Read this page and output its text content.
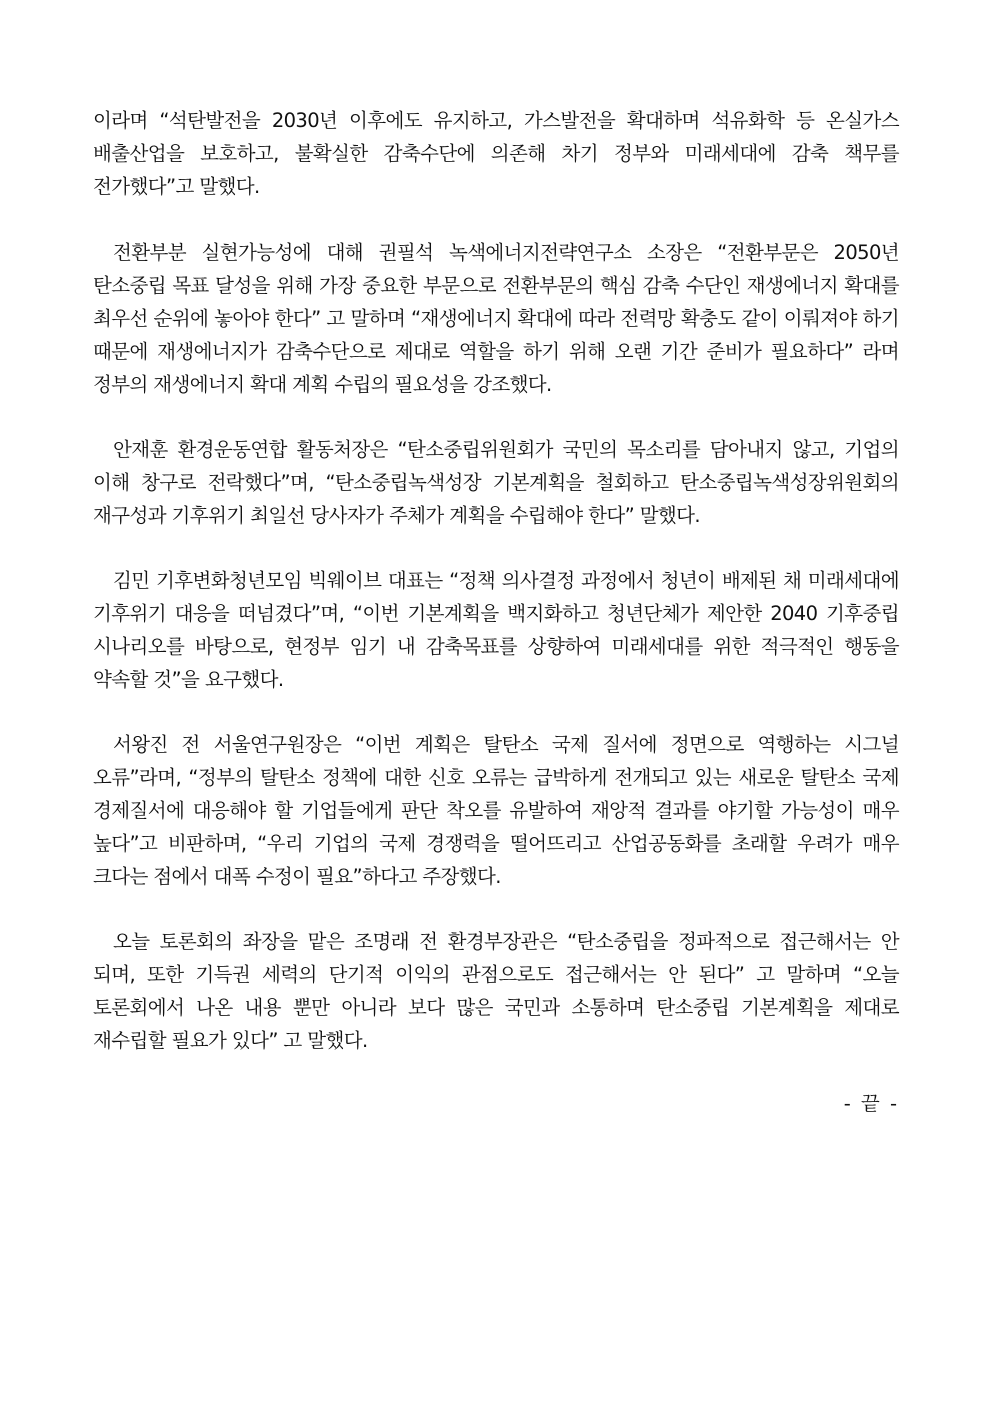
이라며 “석탄발전을 2030년 이후에도 유지하고, 가스발전을 확대하며 석유화학 등 온실가스 배출산업을 보호하고, 불확실한 감축수단에 의존해 차기 정부와 미래세대에 감축 책무를 전가했다”고 말했다.

전환부분 실현가능성에 대해 권필석 녹색에너지전략연구소 소장은 “전환부문은 2050년 탄소중립 목표 달성을 위해 가장 중요한 부문으로 전환부문의 핵심 감축 수단인 재생에너지 확대를 최우선 순위에 놓아야 한다” 고 말하며 “재생에너지 확대에 따라 전력망 확충도 같이 이뤄져야 하기 때문에 재생에너지가 감축수단으로 제대로 역할을 하기 위해 오랜 기간 준비가 필요하다” 라며 정부의 재생에너지 확대 계획 수립의 필요성을 강조했다.

안재훈 환경운동연합 활동처장은 “탄소중립위원회가 국민의 목소리를 담아내지 않고, 기업의 이해 창구로 전락했다”며, “탄소중립녹색성장 기본계획을 철회하고 탄소중립녹색성장위원회의 재구성과 기후위기 최일선 당사자가 주체가 계획을 수립해야 한다” 말했다.

김민 기후변화청년모임 빅웨이브 대표는 “정책 의사결정 과정에서 청년이 배제된 채 미래세대에 기후위기 대응을 떠넘겼다”며, “이번 기본계획을 백지화하고 청년단체가 제안한 2040 기후중립 시나리오를 바탕으로, 현정부 임기 내 감축목표를 상향하여 미래세대를 위한 적극적인 행동을 약속할 것”을 요구했다.

서왕진 전 서울연구원장은 “이번 계획은 탈탄소 국제 질서에 정면으로 역행하는 시그널 오류”라며, “정부의 탈탄소 정책에 대한 신호 오류는 급박하게 전개되고 있는 새로운 탈탄소 국제 경제질서에 대응해야 할 기업들에게 판단 착오를 유발하여 재앙적 결과를 야기할 가능성이 매우 높다”고 비판하며, “우리 기업의 국제 경쟁력을 떨어뜨리고 산업공동화를 초래할 우려가 매우 크다는 점에서 대폭 수정이 필요”하다고 주장했다.

오늘 토론회의 좌장을 맡은 조명래 전 환경부장관은 “탄소중립을 정파적으로 접근해서는 안 되며, 또한 기득권 세력의 단기적 이익의 관점으로도 접근해서는 안 된다” 고 말하며 “오늘 토론회에서 나온 내용 뿐만 아니라 보다 많은 국민과 소통하며 탄소중립 기본계획을 제대로 재수립할 필요가 있다” 고 말했다.

- 끝 -
